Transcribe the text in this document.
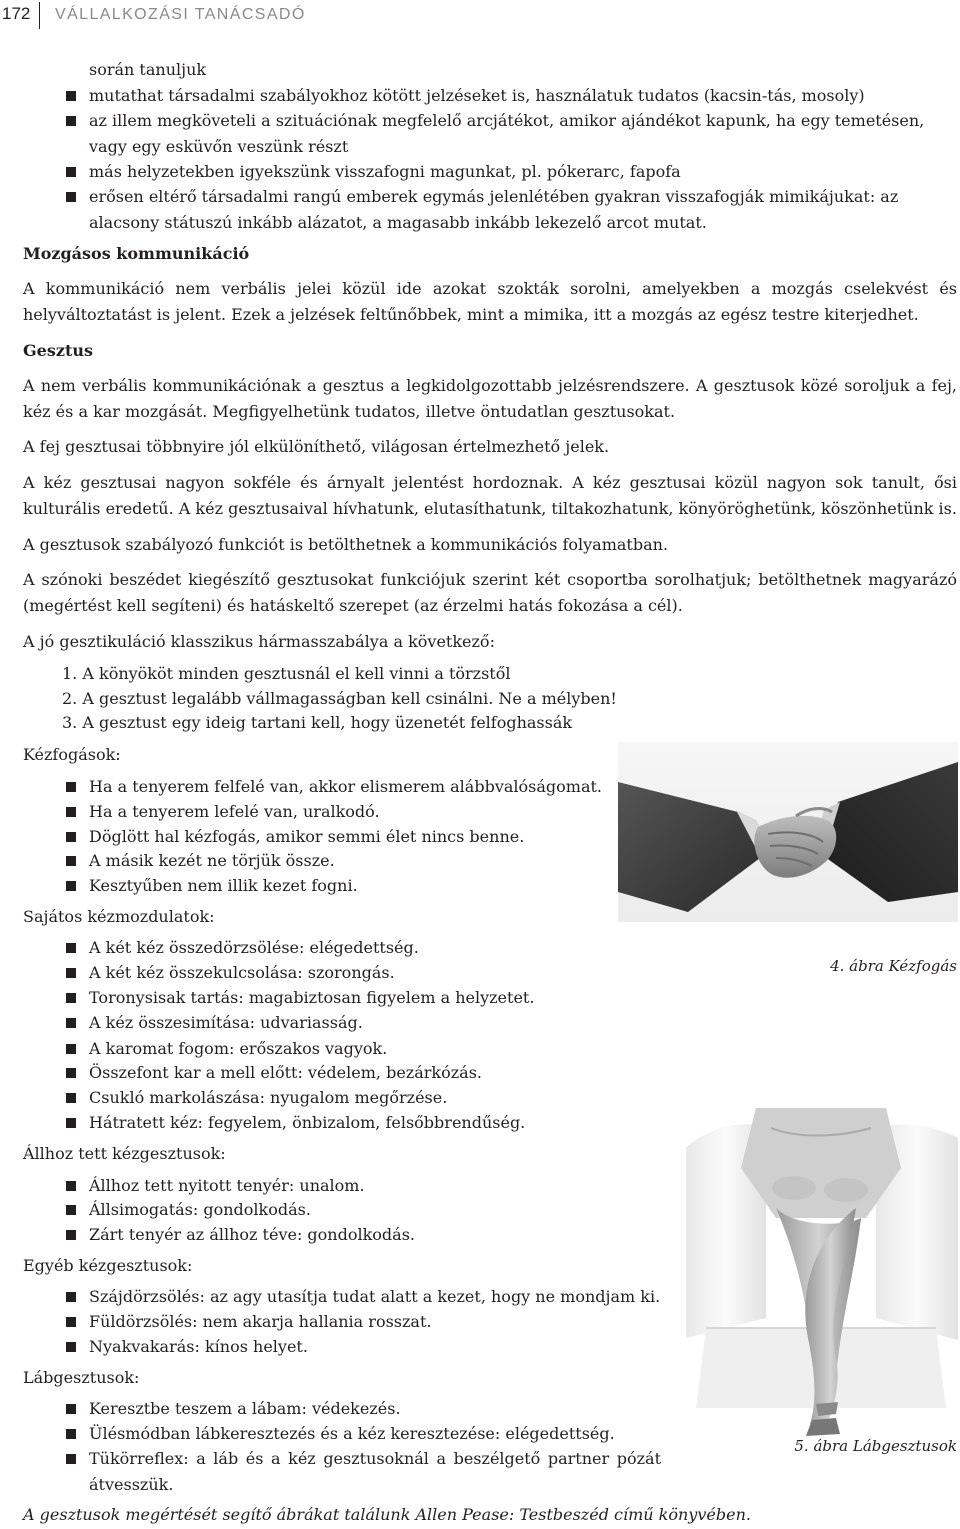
172 VÁLLALKOZÁSI TANÁCSADÓ

során tanuljuk

mutathat társadalmi szabályokhoz kötött jelzéseket is, használatuk tudatos (kacsin-tás, mosoly)

az illem megköveteli a szituációnak megfelelő arcjátékot, amikor ajándékot kapunk, ha egy temetésen, vagy egy esküvőn veszünk részt

más helyzetekben igyekszünk visszafogni magunkat, pl. pókerarc, fapofa

erősen eltérő társadalmi rangú emberek egymás jelenlétében gyakran visszafogják mimikájukat: az alacsony státuszú inkább alázatot, a magasabb inkább lekezelő arcot mutat.

Mozgásos kommunikáció

A kommunikáció nem verbális jelei közül ide azokat szokták sorolni, amelyekben a mozgás cselekvést és helyváltoztatást is jelent. Ezek a jelzések feltűnőbbek, mint a mimika, itt a mozgás az egész testre kiterjedhet.

Gesztus

A nem verbális kommunikációnak a gesztus a legkidolgozottabb jelzésrendszere. A gesztusok közé soroljuk a fej, kéz és a kar mozgását. Megfigyelhetünk tudatos, illetve öntudatlan gesztusokat.

A fej gesztusai többnyire jól elkülöníthető, világosan értelmezhető jelek.

A kéz gesztusai nagyon sokféle és árnyalt jelentést hordoznak. A kéz gesztusai közül nagyon sok tanult, ősi kulturális eredetű. A kéz gesztusaival hívhatunk, elutasíthatunk, tiltakozhatunk, könyöröghetünk, köszönhetünk is.

A gesztusok szabályozó funkciót is betölthetnek a kommunikációs folyamatban.

A szónoki beszédet kiegészítő gesztusokat funkciójuk szerint két csoportba sorolhatjuk; betölthetnek magyarázó (megértést kell segíteni) és hatáskeltő szerepet (az érzelmi hatás fokozása a cél).

A jó gesztikuláció klasszikus hármasszabálya a következő:

1. A könyököt minden gesztusnál el kell vinni a törzstől
2. A gesztust legalább vállmagasságban kell csinálni. Ne a mélyben!
3. A gesztust egy ideig tartani kell, hogy üzenetét felfoghassák

Kézfogások:

Ha a tenyerem felfelé van, akkor elismerem alábbvalóságomat.

Ha a tenyerem lefelé van, uralkodó.

Döglött hal kézfogás, amikor semmi élet nincs benne.

A másik kezét ne törjük össze.

Kesztyűben nem illik kezet fogni.

Sajátos kézmozdulatok:

A két kéz összedörzsölése: elégedettség.

A két kéz összekulcsolása: szorongás.

Toronysisak tartás: magabiztosan figyelem a helyzetet.

A kéz összesimítása: udvariasság.

A karomat fogom: erőszakos vagyok.

Összefont kar a mell előtt: védelem, bezárkózás.

Csukló markolászása: nyugalom megőrzése.

Hátratett kéz: fegyelem, önbizalom, felsőbbrendűség.

Állhoz tett kézgesztusok:

Állhoz tett nyitott tenyér: unalom.

Állsimogatás: gondolkodás.

Zárt tenyér az állhoz téve: gondolkodás.

Egyéb kézgesztusok:

Szájdörzsölés: az agy utasítja tudat alatt a kezet, hogy ne mondjam ki.

Füldörzsölés: nem akarja hallania rosszat.

Nyakvakarás: kínos helyet.

Lábgesztusok:

Keresztbe teszem a lábam: védekezés.

Ülésmódban lábkeresztezés és a kéz keresztezése: elégedettség.

Tükörreflex: a láb és a kéz gesztusoknál a beszélgető partner pózát átvesszük.

A gesztusok megértését segítő ábrákat találunk Allen Pease: Testbeszéd című könyvében.

4. ábra Kézfogás
5. ábra Lábgesztusok
